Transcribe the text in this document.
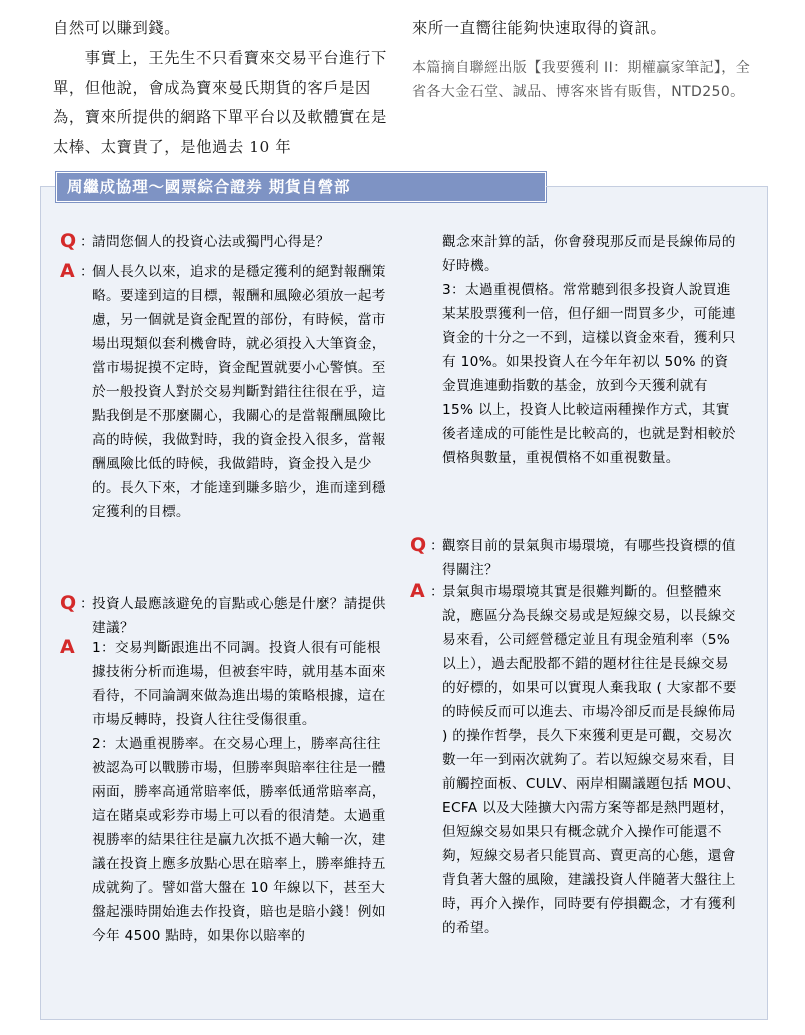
自然可以賺到錢。

　　事實上，王先生不只看寶來交易平台進行下單，但他說，會成為寶來曼氏期貨的客戶是因為，寶來所提供的網路下單平台以及軟體實在是太棒、太寶貴了，是他過去 10 年

來所一直嚮往能夠快速取得的資訊。

本篇摘自聯經出版【我要獲利 II：期權贏家筆記】，全省各大金石堂、誠品、博客來皆有販售，NTD250。

周繼成協理～國票綜合證券 期貨自營部
Q ：
請問您個人的投資心法或獨門心得是？
A ：
個人長久以來，追求的是穩定獲利的絕對報酬策略。要達到這的目標，報酬和風險必須放一起考慮，另一個就是資金配置的部份，有時候，當市場出現類似套利機會時，就必須投入大筆資金，當市場捉摸不定時，資金配置就要小心警慎。至於一般投資人對於交易判斷對錯往往很在乎，這點我倒是不那麼關心，我關心的是當報酬風險比高的時候，我做對時，我的資金投入很多，當報酬風險比低的時候，我做錯時，資金投入是少的。長久下來，才能達到賺多賠少，進而達到穩定獲利的目標。
Q ：
投資人最應該避免的盲點或心態是什麼？請提供建議？
A	1：交易判斷跟進出不同調。投資人很有可能根據技術分析而進場，但被套牢時，就用基本面來看待，不同論調來做為進出場的策略根據，這在市場反轉時，投資人往往受傷很重。

2：太過重視勝率。在交易心理上，勝率高往往被認為可以戰勝市場，但勝率與賠率往往是一體兩面，勝率高通常賠率低，勝率低通常賠率高，這在賭桌或彩券市場上可以看的很清楚。太過重視勝率的結果往往是贏九次抵不過大輸一次，建議在投資上應多放點心思在賠率上，勝率維持五成就夠了。譬如當大盤在 10 年線以下，甚至大盤起漲時開始進去作投資，賠也是賠小錢！例如今年 4500 點時，如果你以賠率的

觀念來計算的話，你會發現那反而是長線佈局的好時機。

3：太過重視價格。常常聽到很多投資人說買進某某股票獲利一倍，但仔細一問買多少，可能連資金的十分之一不到，這樣以資金來看，獲利只有 10%。如果投資人在今年年初以 50% 的資金買進連動指數的基金，放到今天獲利就有 15% 以上，投資人比較這兩種操作方式，其實後者達成的可能性是比較高的，也就是對相較於價格與數量，重視價格不如重視數量。

Q ：
觀察目前的景氣與市場環境，有哪些投資標的值得關注？
A ：
景氣與市場環境其實是很難判斷的。但整體來說，應區分為長線交易或是短線交易，以長線交易來看，公司經營穩定並且有現金殖利率（5% 以上），過去配股都不錯的題材往往是長線交易的好標的，如果可以實現人棄我取 ( 大家都不要的時候反而可以進去、市場冷卻反而是長線佈局 ) 的操作哲學，長久下來獲利更是可觀，交易次數一年一到兩次就夠了。若以短線交易來看，目前觸控面板、CULV、兩岸相關議題包括 MOU、ECFA 以及大陸擴大內需方案等都是熱門題材，但短線交易如果只有概念就介入操作可能還不夠，短線交易者只能買高、賣更高的心態，還會背負著大盤的風險，建議投資人伴隨著大盤往上時，再介入操作，同時要有停損觀念，才有獲利的希望。
